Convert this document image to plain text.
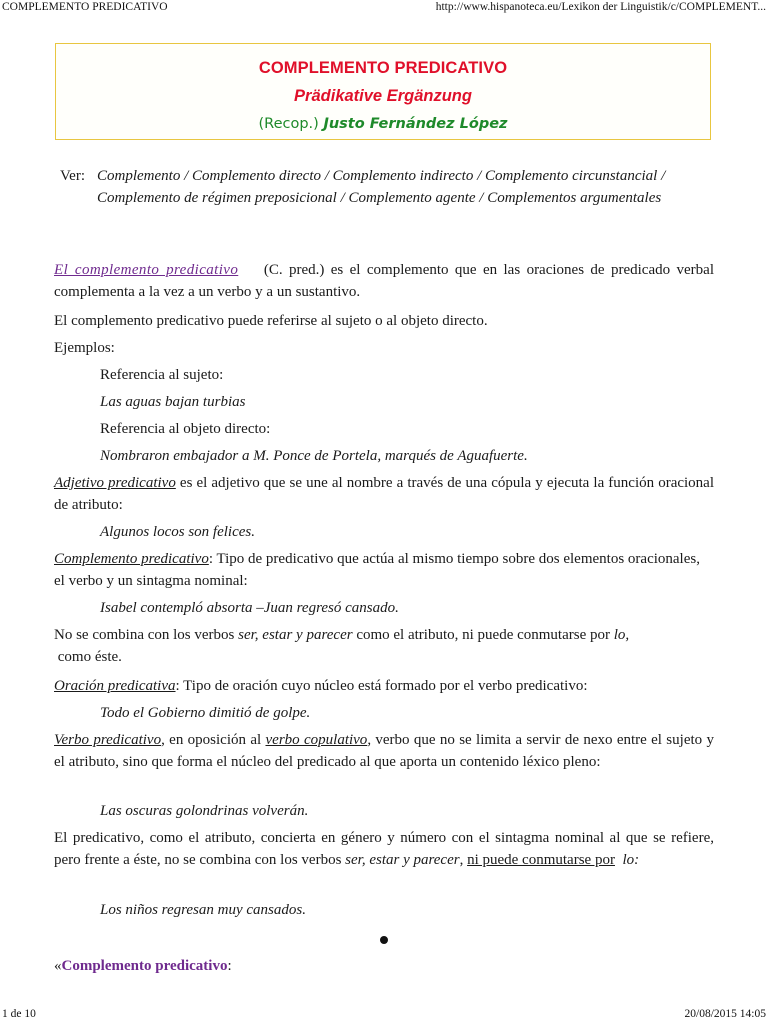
COMPLEMENTO PREDICATIVO	http://www.hispanoteca.eu/Lexikon der Linguistik/c/COMPLEMENT...
COMPLEMENTO PREDICATIVO
Prädikative Ergänzung
(Recop.) Justo Fernández López
Ver: Complemento / Complemento directo / Complemento indirecto / Complemento circunstancial / Complemento de régimen preposicional / Complemento agente / Complementos argumentales
El complemento predicativo    (C. pred.) es el complemento que en las oraciones de predicado verbal complementa a la vez a un verbo y a un sustantivo.
El complemento predicativo puede referirse al sujeto o al objeto directo.
Ejemplos:
Referencia al sujeto:
Las aguas bajan turbias
Referencia al objeto directo:
Nombraron embajador a M. Ponce de Portela, marqués de Aguafuerte.
Adjetivo predicativo es el adjetivo que se une al nombre a través de una cópula y ejecuta la función oracional de atributo:
Algunos locos son felices.
Complemento predicativo: Tipo de predicativo que actúa al mismo tiempo sobre dos elementos oracionales, el verbo y un sintagma nominal:
Isabel contempló absorta –Juan regresó cansado.
No se combina con los verbos ser, estar y parecer como el atributo, ni puede conmutarse por lo,
como éste.
Oración predicativa: Tipo de oración cuyo núcleo está formado por el verbo predicativo:
Todo el Gobierno dimitió de golpe.
Verbo predicativo, en oposición al verbo copulativo, verbo que no se limita a servir de nexo entre el sujeto y el atributo, sino que forma el núcleo del predicado al que aporta un contenido léxico pleno:
Las oscuras golondrinas volverán.
El predicativo, como el atributo, concierta en género y número con el sintagma nominal al que se refiere, pero frente a éste, no se combina con los verbos ser, estar y parecer, ni puede conmutarse por lo:
Los niños regresan muy cansados.
«Complemento predicativo:
1 de 10	20/08/2015 14:05
